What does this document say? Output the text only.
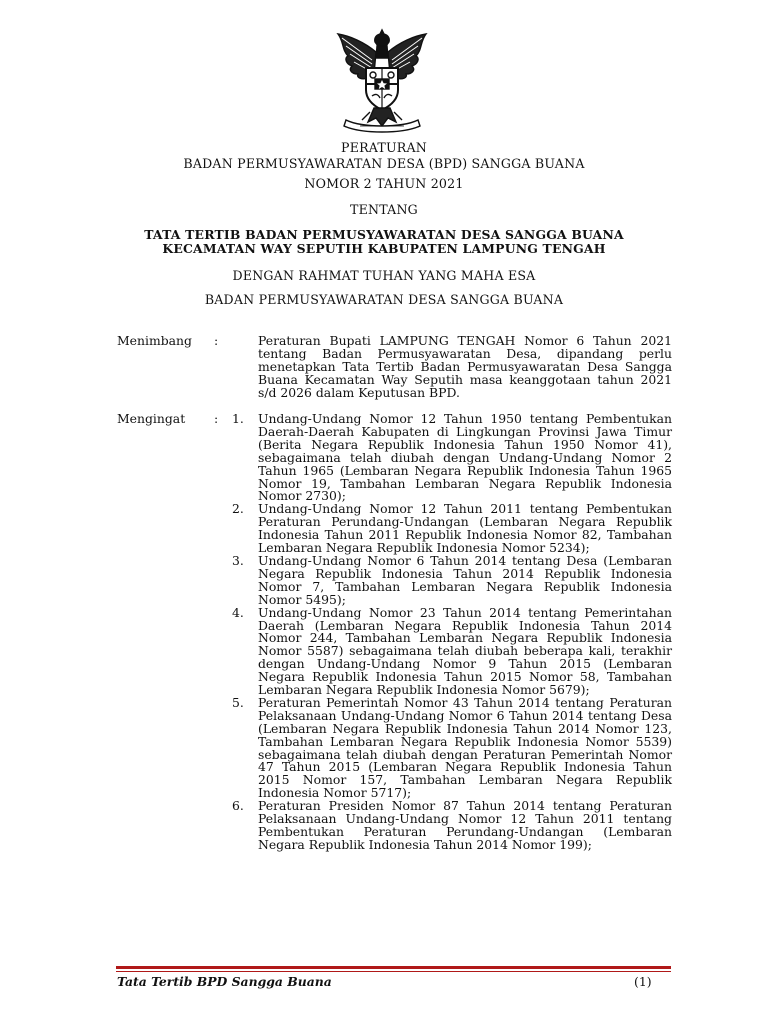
PERATURAN
BADAN PERMUSYAWARATAN DESA (BPD) SANGGA BUANA
NOMOR 2 TAHUN 2021
TENTANG
TATA TERTIB BADAN PERMUSYAWARATAN DESA SANGGA BUANA
KECAMATAN WAY SEPUTIH KABUPATEN LAMPUNG TENGAH
DENGAN RAHMAT TUHAN YANG MAHA ESA
BADAN PERMUSYAWARATAN DESA SANGGA BUANA
Menimbang	:	Peraturan Bupati LAMPUNG TENGAH Nomor 6 Tahun 2021 tentang Badan Permusyawaratan Desa, dipandang perlu menetapkan Tata Tertib Badan Permusyawaratan Desa Sangga Buana Kecamatan Way Seputih masa keanggotaan tahun 2021 s/d 2026 dalam Keputusan BPD.
Mengingat	: 1. Undang-Undang Nomor 12 Tahun 1950 tentang Pembentukan Daerah-Daerah Kabupaten di Lingkungan Provinsi Jawa Timur (Berita Negara Republik Indonesia Tahun 1950 Nomor 41), sebagaimana telah diubah dengan Undang-Undang Nomor 2 Tahun 1965 (Lembaran Negara Republik Indonesia Tahun 1965 Nomor 19, Tambahan Lembaran Negara Republik Indonesia Nomor 2730);
2. Undang-Undang Nomor 12 Tahun 2011 tentang Pembentukan Peraturan Perundang-Undangan (Lembaran Negara Republik Indonesia Tahun 2011 Republik Indonesia Nomor 82, Tambahan Lembaran Negara Republik Indonesia Nomor 5234);
3. Undang-Undang Nomor 6 Tahun 2014 tentang Desa (Lembaran Negara Republik Indonesia Tahun 2014 Republik Indonesia Nomor 7, Tambahan Lembaran Negara Republik Indonesia Nomor 5495);
4. Undang-Undang Nomor 23 Tahun 2014 tentang Pemerintahan Daerah (Lembaran Negara Republik Indonesia Tahun 2014 Nomor 244, Tambahan Lembaran Negara Republik Indonesia Nomor 5587) sebagaimana telah diubah beberapa kali, terakhir dengan Undang-Undang Nomor 9 Tahun 2015 (Lembaran Negara Republik Indonesia Tahun 2015 Nomor 58, Tambahan Lembaran Negara Republik Indonesia Nomor 5679);
5. Peraturan Pemerintah Nomor 43 Tahun 2014 tentang Peraturan Pelaksanaan Undang-Undang Nomor 6 Tahun 2014 tentang Desa (Lembaran Negara Republik Indonesia Tahun 2014 Nomor 123, Tambahan Lembaran Negara Republik Indonesia Nomor 5539) sebagaimana telah diubah dengan Peraturan Pemerintah Nomor 47 Tahun 2015 (Lembaran Negara Republik Indonesia Tahun 2015 Nomor 157, Tambahan Lembaran Negara Republik Indonesia Nomor 5717);
6. Peraturan Presiden Nomor 87 Tahun 2014 tentang Peraturan Pelaksanaan Undang-Undang Nomor 12 Tahun 2011 tentang Pembentukan Peraturan Perundang-Undangan (Lembaran Negara Republik Indonesia Tahun 2014 Nomor 199);
Tata Tertib BPD Sangga Buana	(1)
